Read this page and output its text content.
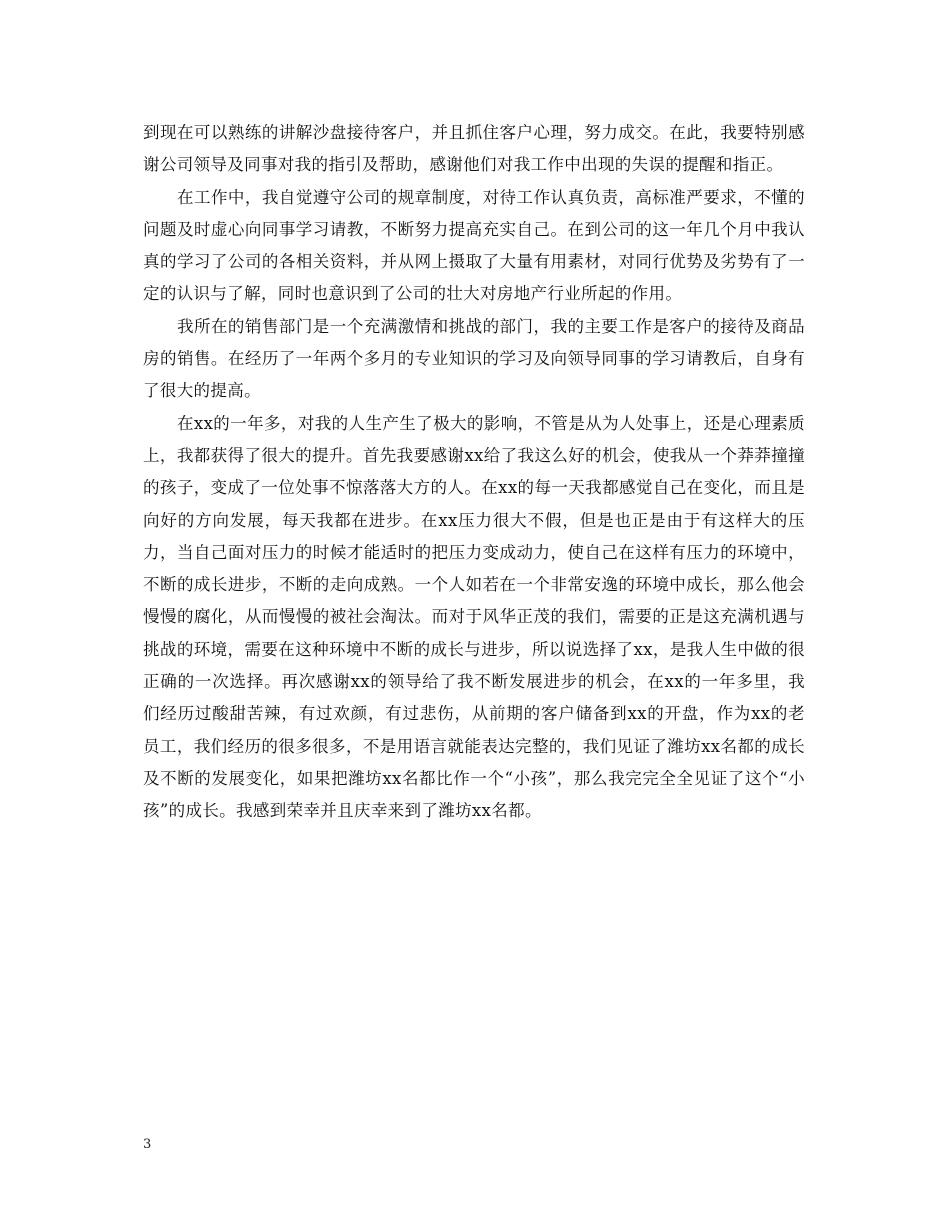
到现在可以熟练的讲解沙盘接待客户，并且抓住客户心理，努力成交。在此，我要特别感谢公司领导及同事对我的指引及帮助，感谢他们对我工作中出现的失误的提醒和指正。

在工作中，我自觉遵守公司的规章制度，对待工作认真负责，高标准严要求，不懂的问题及时虚心向同事学习请教，不断努力提高充实自己。在到公司的这一年几个月中我认真的学习了公司的各相关资料，并从网上摄取了大量有用素材，对同行优势及劣势有了一定的认识与了解，同时也意识到了公司的壮大对房地产行业所起的作用。

我所在的销售部门是一个充满激情和挑战的部门，我的主要工作是客户的接待及商品房的销售。在经历了一年两个多月的专业知识的学习及向领导同事的学习请教后，自身有了很大的提高。

在xx的一年多，对我的人生产生了极大的影响，不管是从为人处事上，还是心理素质上，我都获得了很大的提升。首先我要感谢xx给了我这么好的机会，使我从一个莽莽撞撞的孩子，变成了一位处事不惊落落大方的人。在xx的每一天我都感觉自己在变化，而且是向好的方向发展，每天我都在进步。在xx压力很大不假，但是也正是由于有这样大的压力，当自己面对压力的时候才能适时的把压力变成动力，使自己在这样有压力的环境中，不断的成长进步，不断的走向成熟。一个人如若在一个非常安逸的环境中成长，那么他会慢慢的腐化，从而慢慢的被社会淘汰。而对于风华正茂的我们，需要的正是这充满机遇与挑战的环境，需要在这种环境中不断的成长与进步，所以说选择了xx，是我人生中做的很正确的一次选择。再次感谢xx的领导给了我不断发展进步的机会，在xx的一年多里，我们经历过酸甜苦辣，有过欢颜，有过悲伤，从前期的客户储备到xx的开盘，作为xx的老员工，我们经历的很多很多，不是用语言就能表达完整的，我们见证了潍坊xx名都的成长及不断的发展变化，如果把潍坊xx名都比作一个“小孩”，那么我完完全全见证了这个“小孩”的成长。我感到荣幸并且庆幸来到了潍坊xx名都。

3
